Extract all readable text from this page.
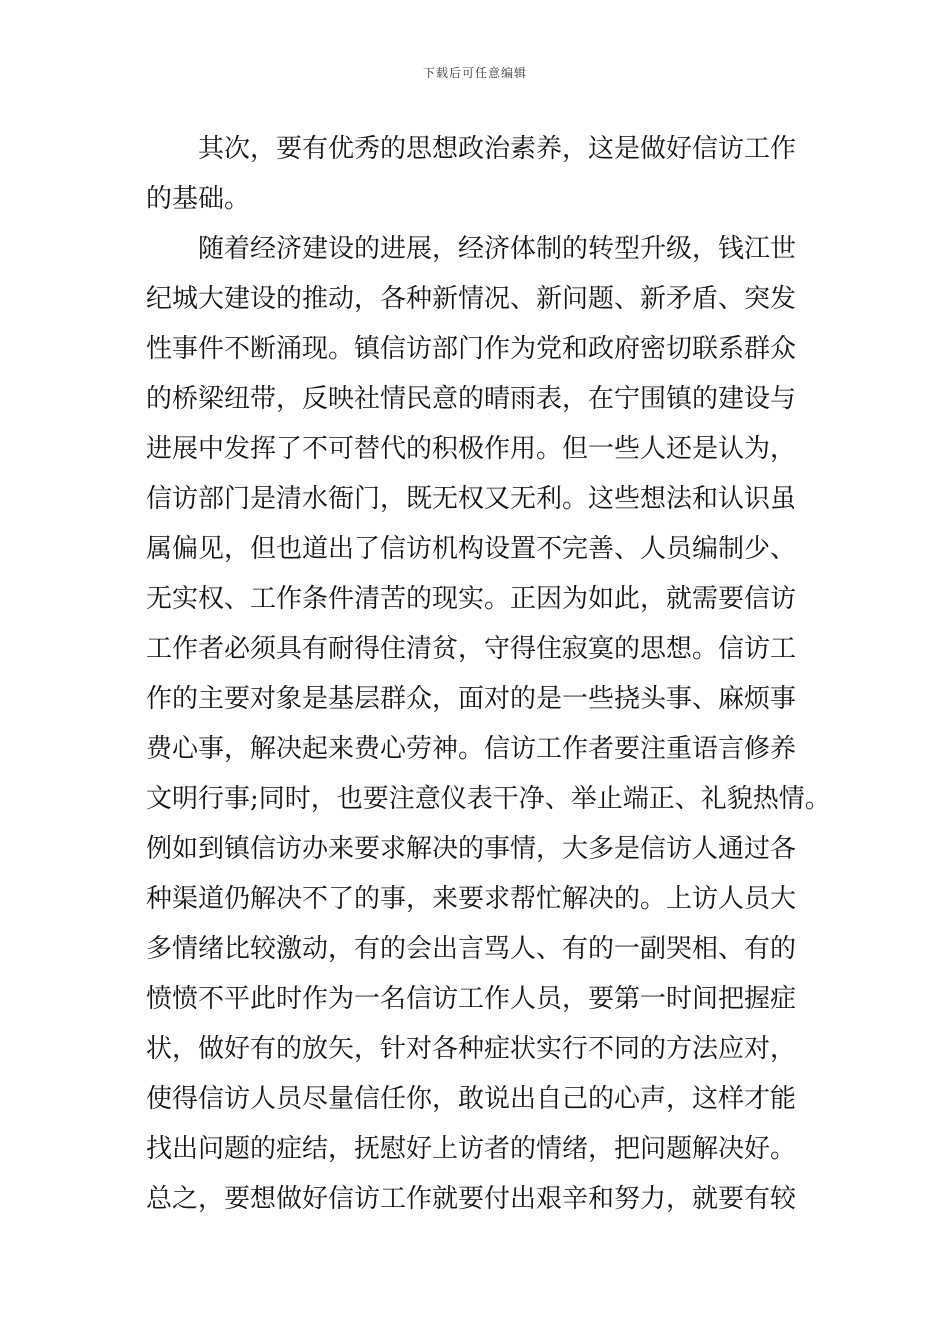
下载后可任意编辑
其次，要有优秀的思想政治素养，这是做好信访工作
的基础。
随着经济建设的进展，经济体制的转型升级，钱江世
纪城大建设的推动，各种新情况、新问题、新矛盾、突发
性事件不断涌现。镇信访部门作为党和政府密切联系群众
的桥梁纽带，反映社情民意的晴雨表，在宁围镇的建设与
进展中发挥了不可替代的积极作用。但一些人还是认为，
信访部门是清水衙门，既无权又无利。这些想法和认识虽
属偏见，但也道出了信访机构设置不完善、人员编制少、
无实权、工作条件清苦的现实。正因为如此，就需要信访
工作者必须具有耐得住清贫，守得住寂寞的思想。信访工
作的主要对象是基层群众，面对的是一些挠头事、麻烦事
费心事，解决起来费心劳神。信访工作者要注重语言修养
文明行事;同时，也要注意仪表干净、举止端正、礼貌热情。
例如到镇信访办来要求解决的事情，大多是信访人通过各
种渠道仍解决不了的事，来要求帮忙解决的。上访人员大
多情绪比较激动，有的会出言骂人、有的一副哭相、有的
愤愤不平此时作为一名信访工作人员，要第一时间把握症
状，做好有的放矢，针对各种症状实行不同的方法应对，
使得信访人员尽量信任你，敢说出自己的心声，这样才能
找出问题的症结，抚慰好上访者的情绪，把问题解决好。
总之，要想做好信访工作就要付出艰辛和努力，就要有较
